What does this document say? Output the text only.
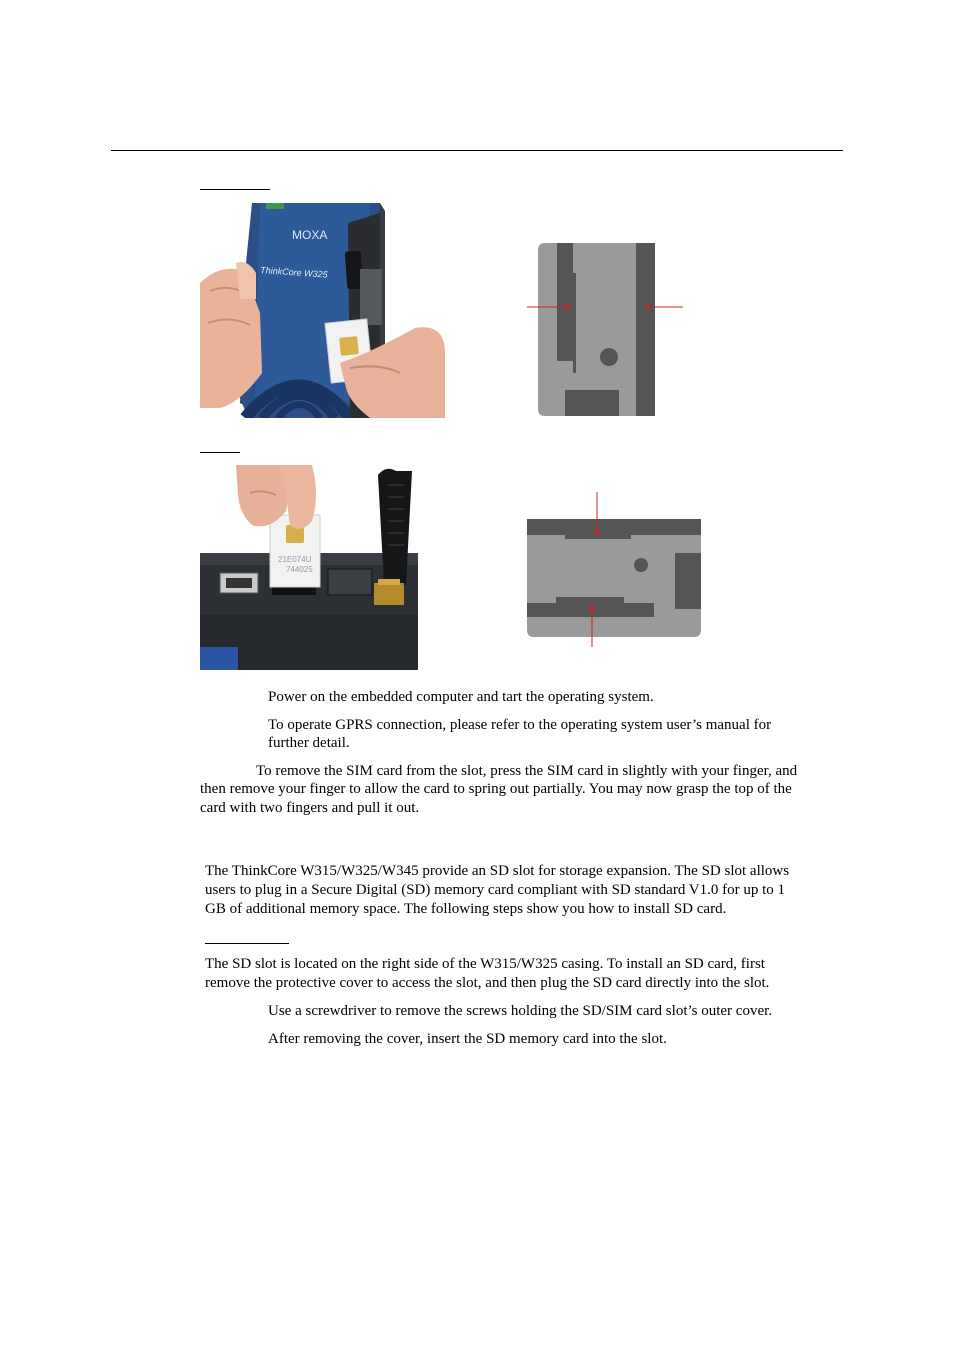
MOXA
ThinkCore W325
21E074U
744025
Power on the embedded computer and tart the operating system.
To operate GPRS connection, please refer to the operating system user’s manual for
further detail.
To remove the SIM card from the slot, press the SIM card in slightly with your finger, and
then remove your finger to allow the card to spring out partially. You may now grasp the top of the
card with two fingers and pull it out.
The ThinkCore W315/W325/W345 provide an SD slot for storage expansion. The SD slot allows
users to plug in a Secure Digital (SD) memory card compliant with SD standard V1.0 for up to 1
GB of additional memory space. The following steps show you how to install SD card.
The SD slot is located on the right side of the W315/W325 casing. To install an SD card, first
remove the protective cover to access the slot, and then plug the SD card directly into the slot.
Use a screwdriver to remove the screws holding the SD/SIM card slot’s outer cover.
After removing the cover, insert the SD memory card into the slot.
